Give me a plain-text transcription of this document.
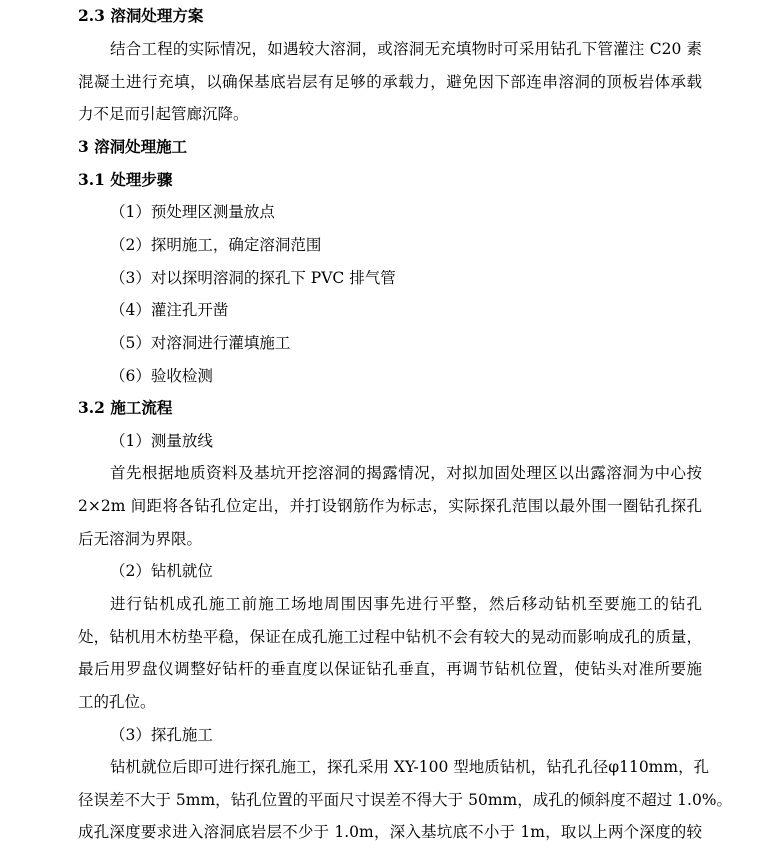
2.3 溶洞处理方案
结合工程的实际情况，如遇较大溶洞，或溶洞无充填物时可采用钻孔下管灌注 C20 素
混凝土进行充填，以确保基底岩层有足够的承载力，避免因下部连串溶洞的顶板岩体承载
力不足而引起管廊沉降。
3 溶洞处理施工
3.1 处理步骤
（1）预处理区测量放点
（2）探明施工，确定溶洞范围
（3）对以探明溶洞的探孔下 PVC 排气管
（4）灌注孔开凿
（5）对溶洞进行灌填施工
（6）验收检测
3.2 施工流程
（1）测量放线
首先根据地质资料及基坑开挖溶洞的揭露情况，对拟加固处理区以出露溶洞为中心按
2×2m 间距将各钻孔位定出，并打设钢筋作为标志，实际探孔范围以最外围一圈钻孔探孔
后无溶洞为界限。
（2）钻机就位
进行钻机成孔施工前施工场地周围因事先进行平整，然后移动钻机至要施工的钻孔
处，钻机用木枋垫平稳，保证在成孔施工过程中钻机不会有较大的晃动而影响成孔的质量，
最后用罗盘仪调整好钻杆的垂直度以保证钻孔垂直，再调节钻机位置，使钻头对准所要施
工的孔位。
（3）探孔施工
钻机就位后即可进行探孔施工，探孔采用 XY-100 型地质钻机，钻孔孔径φ110mm，孔
径误差不大于 5mm，钻孔位置的平面尺寸误差不得大于 50mm，成孔的倾斜度不超过 1.0%。
成孔深度要求进入溶洞底岩层不少于 1.0m，深入基坑底不小于 1m，取以上两个深度的较
